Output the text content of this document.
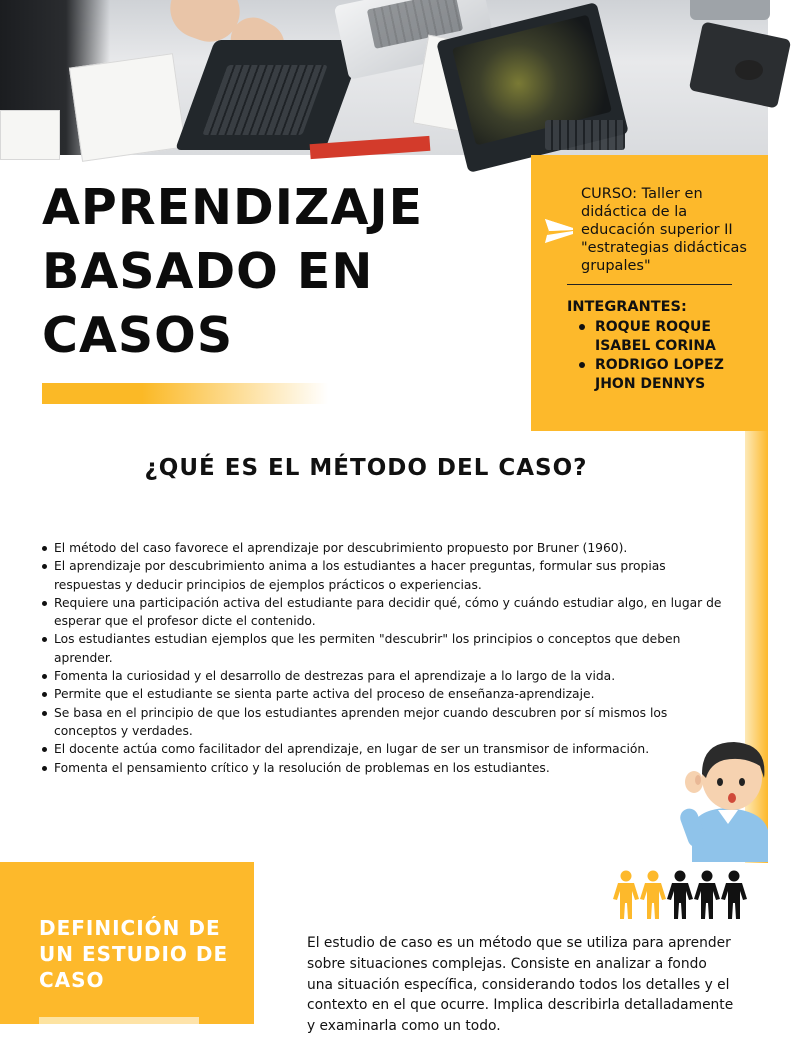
APRENDIZAJE
BASADO EN
CASOS
CURSO: Taller en didáctica de la educación superior II "estrategias didácticas grupales"
INTEGRANTES:
ROQUE ROQUE ISABEL CORINA
RODRIGO LOPEZ JHON DENNYS
¿QUÉ ES EL MÉTODO DEL CASO?
El método del caso favorece el aprendizaje por descubrimiento propuesto por Bruner (1960).
El aprendizaje por descubrimiento anima a los estudiantes a hacer preguntas, formular sus propias respuestas y deducir principios de ejemplos prácticos o experiencias.
Requiere una participación activa del estudiante para decidir qué, cómo y cuándo estudiar algo, en lugar de esperar que el profesor dicte el contenido.
Los estudiantes estudian ejemplos que les permiten "descubrir" los principios o conceptos que deben aprender.
Fomenta la curiosidad y el desarrollo de destrezas para el aprendizaje a lo largo de la vida.
Permite que el estudiante se sienta parte activa del proceso de enseñanza-aprendizaje.
Se basa en el principio de que los estudiantes aprenden mejor cuando descubren por sí mismos los conceptos y verdades.
El docente actúa como facilitador del aprendizaje, en lugar de ser un transmisor de información.
Fomenta el pensamiento crítico y la resolución de problemas en los estudiantes.
DEFINICIÓN DE UN ESTUDIO DE CASO
El estudio de caso es un método que se utiliza para aprender sobre situaciones complejas. Consiste en analizar a fondo una situación específica, considerando todos los detalles y el contexto en el que ocurre. Implica describirla detalladamente y examinarla como un todo.
